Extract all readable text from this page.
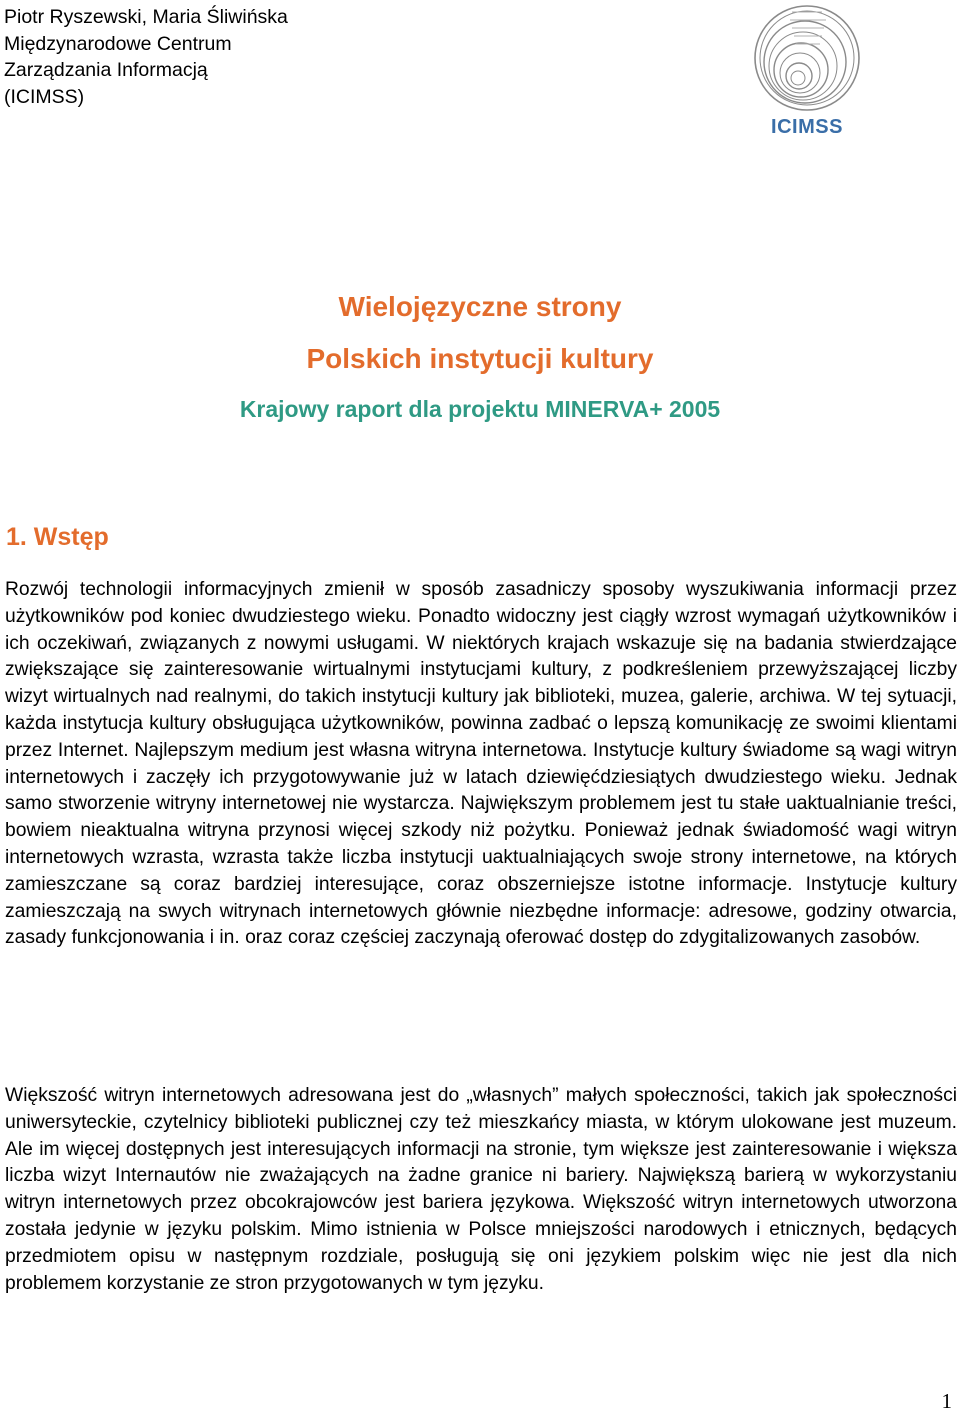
Piotr Ryszewski, Maria Śliwińska
Międzynarodowe Centrum
Zarządzania Informacją
(ICIMSS)
ICIMSS
Wielojęzyczne strony
Polskich instytucji kultury
Krajowy raport dla projektu MINERVA+ 2005
1. Wstęp
Rozwój technologii informacyjnych zmienił w sposób zasadniczy sposoby wyszukiwania informacji przez użytkowników pod koniec dwudziestego wieku. Ponadto widoczny jest ciągły wzrost wymagań użytkowników i ich oczekiwań, związanych z nowymi usługami. W niektórych krajach wskazuje się na badania stwierdzające zwiększające się zainteresowanie wirtualnymi instytucjami kultury, z podkreśleniem przewyższającej liczby wizyt wirtualnych nad realnymi, do takich instytucji kultury jak biblioteki, muzea, galerie, archiwa. W tej sytuacji, każda instytucja kultury obsługująca użytkowników, powinna zadbać o lepszą komunikację ze swoimi klientami przez Internet. Najlepszym medium jest własna witryna internetowa. Instytucje kultury świadome są wagi witryn internetowych i zaczęły ich przygotowywanie już w latach dziewięćdziesiątych dwudziestego wieku. Jednak samo stworzenie witryny internetowej nie wystarcza. Największym problemem jest tu stałe uaktualnianie treści, bowiem nieaktualna witryna przynosi więcej szkody niż pożytku. Ponieważ jednak świadomość wagi witryn internetowych wzrasta, wzrasta także liczba instytucji uaktualniających swoje strony internetowe, na których zamieszczane są coraz bardziej interesujące, coraz obszerniejsze istotne informacje. Instytucje kultury zamieszczają na swych witrynach internetowych głównie niezbędne informacje: adresowe, godziny otwarcia, zasady funkcjonowania i in. oraz coraz częściej zaczynają oferować dostęp do zdygitalizowanych zasobów.
Większość witryn internetowych adresowana jest do „własnych” małych społeczności, takich jak społeczności uniwersyteckie, czytelnicy biblioteki publicznej czy też mieszkańcy miasta, w którym ulokowane jest muzeum. Ale im więcej dostępnych jest interesujących informacji na stronie, tym większe jest zainteresowanie i większa liczba wizyt Internautów nie zważających na żadne granice ni bariery. Największą barierą w wykorzystaniu witryn internetowych przez obcokrajowców jest bariera językowa. Większość witryn internetowych utworzona została jedynie w języku polskim. Mimo istnienia w Polsce mniejszości narodowych i etnicznych, będących przedmiotem opisu w następnym rozdziale, posługują się oni językiem polskim więc nie jest dla nich problemem korzystanie ze stron przygotowanych w tym języku.
1
